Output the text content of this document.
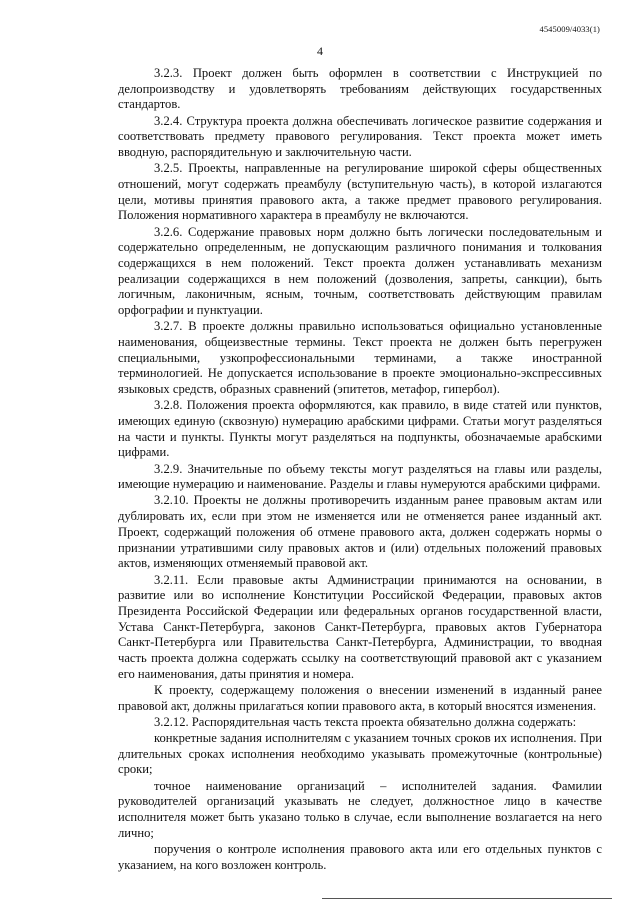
4545009/4033(1)
4

3.2.3. Проект должен быть оформлен в соответствии с Инструкцией по делопроизводству и удовлетворять требованиям действующих государственных стандартов.

3.2.4. Структура проекта должна обеспечивать логическое развитие содержания и соответствовать предмету правового регулирования. Текст проекта может иметь вводную, распорядительную и заключительную части.

3.2.5. Проекты, направленные на регулирование широкой сферы общественных отношений, могут содержать преамбулу (вступительную часть), в которой излагаются цели, мотивы принятия правового акта, а также предмет правового регулирования. Положения нормативного характера в преамбулу не включаются.

3.2.6. Содержание правовых норм должно быть логически последовательным и содержательно определенным, не допускающим различного понимания и толкования содержащихся в нем положений. Текст проекта должен устанавливать механизм реализации содержащихся в нем положений (дозволения, запреты, санкции), быть логичным, лаконичным, ясным, точным, соответствовать действующим правилам орфографии и пунктуации.

3.2.7. В проекте должны правильно использоваться официально установленные наименования, общеизвестные термины. Текст проекта не должен быть перегружен специальными, узкопрофессиональными терминами, а также иностранной терминологией. Не допускается использование в проекте эмоционально-экспрессивных языковых средств, образных сравнений (эпитетов, метафор, гипербол).

3.2.8. Положения проекта оформляются, как правило, в виде статей или пунктов, имеющих единую (сквозную) нумерацию арабскими цифрами. Статьи могут разделяться на части и пункты. Пункты могут разделяться на подпункты, обозначаемые арабскими цифрами.

3.2.9. Значительные по объему тексты могут разделяться на главы или разделы, имеющие нумерацию и наименование. Разделы и главы нумеруются арабскими цифрами.

3.2.10. Проекты не должны противоречить изданным ранее правовым актам или дублировать их, если при этом не изменяется или не отменяется ранее изданный акт. Проект, содержащий положения об отмене правового акта, должен содержать нормы о признании утратившими силу правовых актов и (или) отдельных положений правовых актов, изменяющих отменяемый правовой акт.

3.2.11. Если правовые акты Администрации принимаются на основании, в развитие или во исполнение Конституции Российской Федерации, правовых актов Президента Российской Федерации или федеральных органов государственной власти, Устава Санкт-Петербурга, законов Санкт-Петербурга, правовых актов Губернатора Санкт-Петербурга или Правительства Санкт-Петербурга, Администрации, то вводная часть проекта должна содержать ссылку на соответствующий правовой акт с указанием его наименования, даты принятия и номера.

К проекту, содержащему положения о внесении изменений в изданный ранее правовой акт, должны прилагаться копии правового акта, в который вносятся изменения.

3.2.12. Распорядительная часть текста проекта обязательно должна содержать:

конкретные задания исполнителям с указанием точных сроков их исполнения. При длительных сроках исполнения необходимо указывать промежуточные (контрольные) сроки;

точное наименование организаций – исполнителей задания. Фамилии руководителей организаций указывать не следует, должностное лицо в качестве исполнителя может быть указано только в случае, если выполнение возлагается на него лично;

поручения о контроле исполнения правового акта или его отдельных пунктов с указанием, на кого возложен контроль.
